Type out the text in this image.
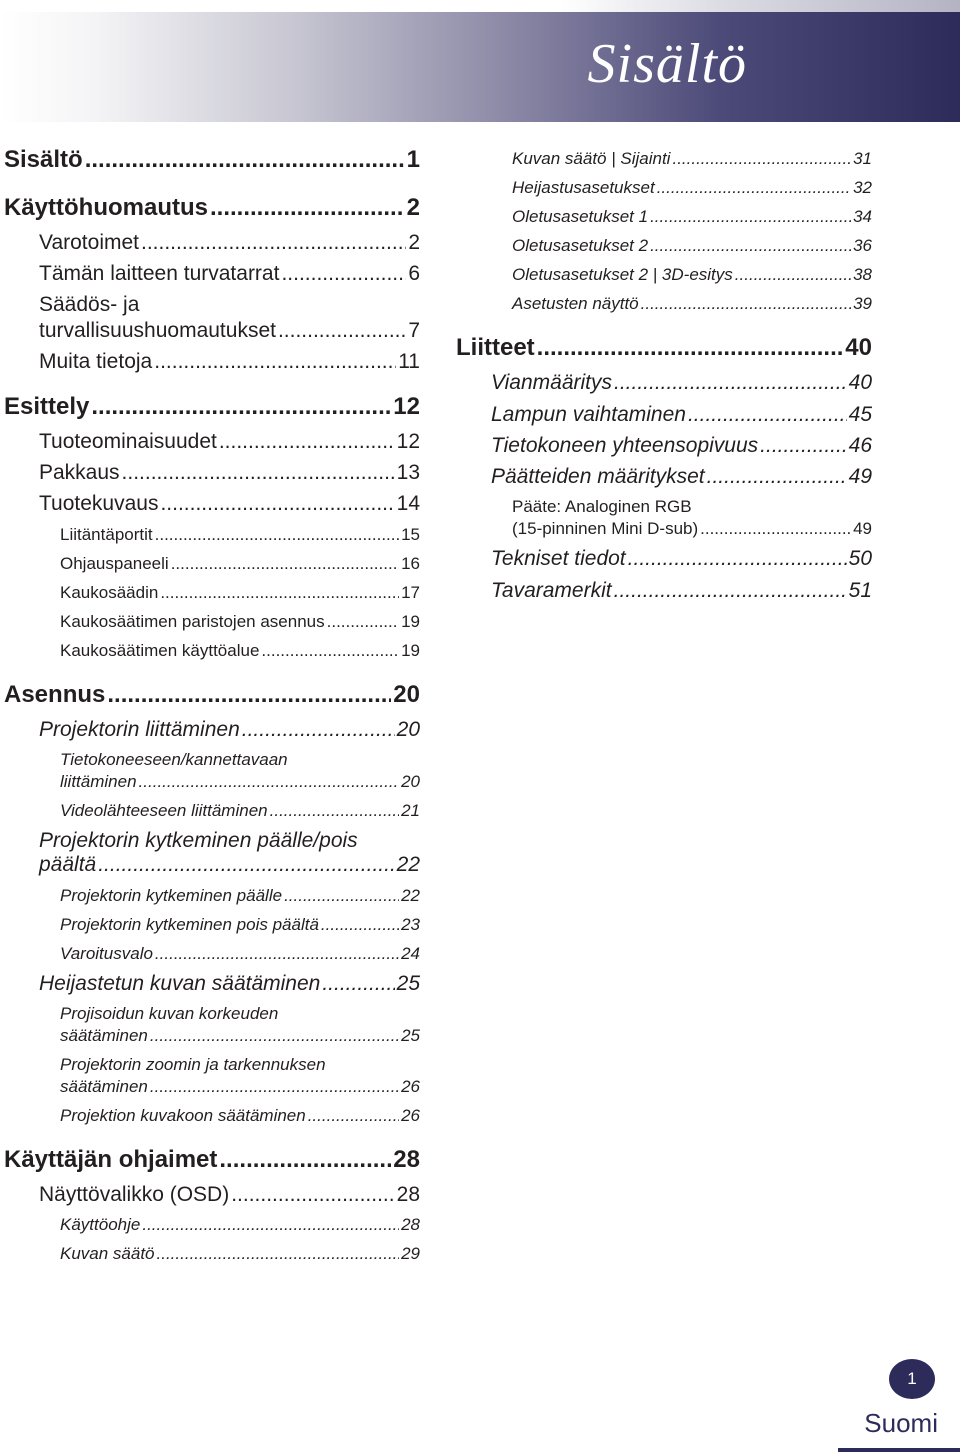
Sisältö
Sisältö .....	1
Käyttöhuomautus .....	2
Varotoimet .....	2
Tämän laitteen turvatarrat .....	6
Säädös- ja
turvallisuushuomautukset .....	7
Muita tietoja .....	11
Esittely .....	12
Tuoteominaisuudet .....	12
Pakkaus .....	13
Tuotekuvaus .....	14
Liitäntäportit .....	15
Ohjauspaneeli .....	16
Kaukosäädin .....	17
Kaukosäätimen paristojen asennus .....	19
Kaukosäätimen käyttöalue .....	19
Asennus .....	20
Projektorin liittäminen .....	20
Tietokoneeseen/kannettavaan
liittäminen .....	20
Videolähteeseen liittäminen .....	21
Projektorin kytkeminen päälle/pois
päältä .....	22
Projektorin kytkeminen päälle .....	22
Projektorin kytkeminen pois päältä .....	23
Varoitusvalo .....	24
Heijastetun kuvan säätäminen .....	25
Projisoidun kuvan korkeuden
säätäminen .....	25
Projektorin zoomin ja tarkennuksen
säätäminen .....	26
Projektion kuvakoon säätäminen .....	26
Käyttäjän ohjaimet .....	28
Näyttövalikko (OSD) .....	28
Käyttöohje .....	28
Kuvan säätö .....	29
Kuvan säätö | Sijainti .....	31
Heijastusasetukset .....	32
Oletusasetukset 1 .....	34
Oletusasetukset 2 .....	36
Oletusasetukset 2 | 3D-esitys .....	38
Asetusten näyttö .....	39
Liitteet .....	40
Vianmääritys .....	40
Lampun vaihtaminen .....	45
Tietokoneen yhteensopivuus .....	46
Päätteiden määritykset .....	49
Pääte: Analoginen RGB
(15-pinninen Mini D-sub) .....	49
Tekniset tiedot .....	50
Tavaramerkit .....	51
1
Suomi
